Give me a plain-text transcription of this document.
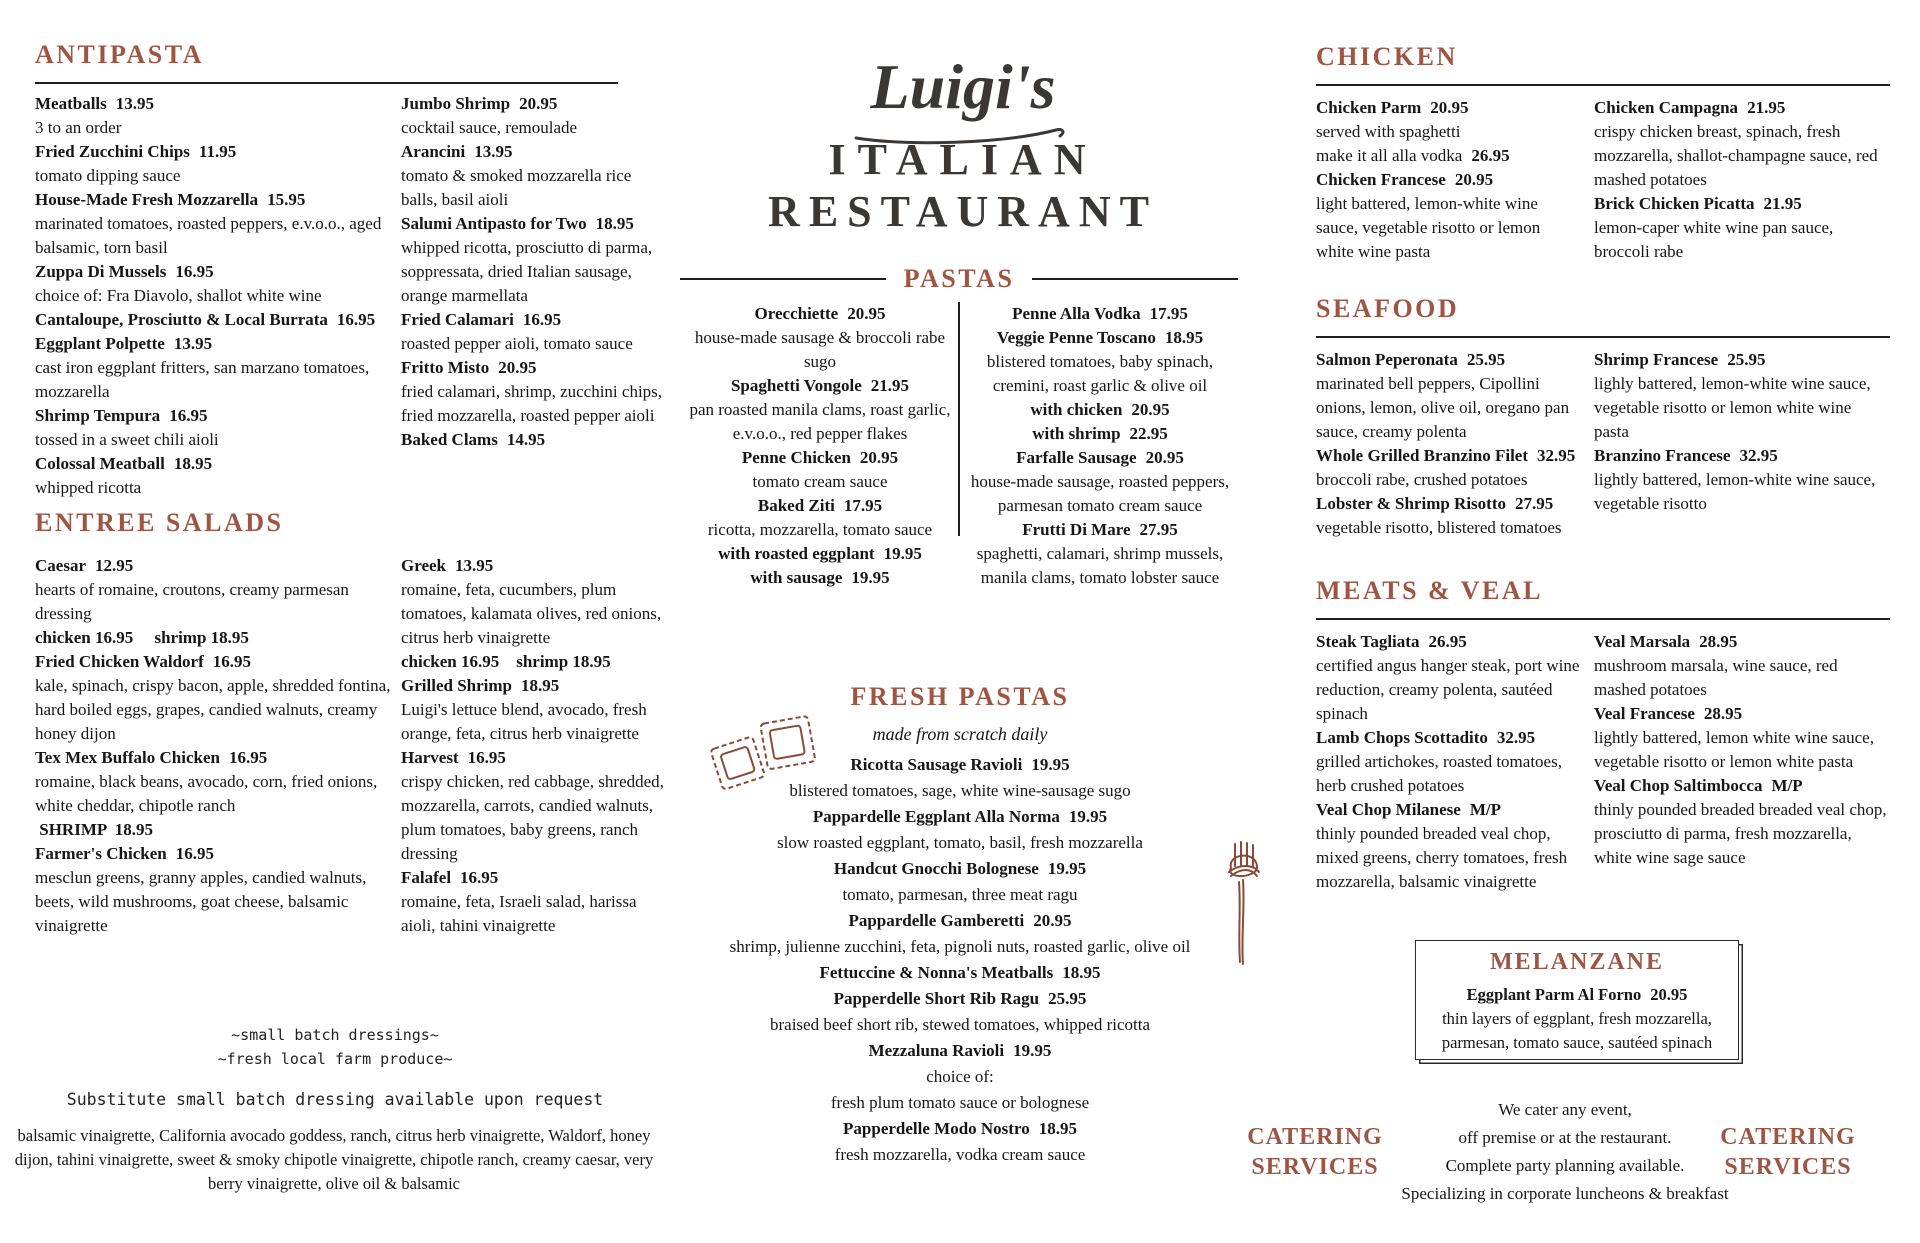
ANTIPASTA
Meatballs 13.95
3 to an order
Fried Zucchini Chips 11.95
tomato dipping sauce
House-Made Fresh Mozzarella 15.95
marinated tomatoes, roasted peppers, e.v.o.o., aged balsamic, torn basil
Zuppa Di Mussels 16.95
choice of: Fra Diavolo, shallot white wine
Cantaloupe, Prosciutto & Local Burrata 16.95
Eggplant Polpette 13.95
cast iron eggplant fritters, san marzano tomatoes, mozzarella
Shrimp Tempura 16.95
tossed in a sweet chili aioli
Colossal Meatball 18.95
whipped ricotta
Jumbo Shrimp 20.95
cocktail sauce, remoulade
Arancini 13.95
tomato & smoked mozzarella rice balls, basil aioli
Salumi Antipasto for Two 18.95
whipped ricotta, prosciutto di parma, soppressata, dried Italian sausage, orange marmellata
Fried Calamari 16.95
roasted pepper aioli, tomato sauce
Fritto Misto 20.95
fried calamari, shrimp, zucchini chips, fried mozzarella, roasted pepper aioli
Baked Clams 14.95
ENTREE SALADS
Caesar 12.95
hearts of romaine, croutons, creamy parmesan dressing
chicken 16.95     shrimp 18.95
Fried Chicken Waldorf 16.95
kale, spinach, crispy bacon, apple, shredded fontina, hard boiled eggs, grapes, candied walnuts, creamy honey dijon
Tex Mex Buffalo Chicken 16.95
romaine, black beans, avocado, corn, fried onions, white cheddar, chipotle ranch
SHRIMP  18.95
Farmer's Chicken 16.95
mesclun greens, granny apples, candied walnuts, beets, wild mushrooms, goat cheese, balsamic vinaigrette
Greek 13.95
romaine, feta, cucumbers, plum tomatoes, kalamata olives, red onions, citrus herb vinaigrette
chicken 16.95    shrimp 18.95
Grilled Shrimp 18.95
Luigi's lettuce blend, avocado, fresh orange, feta, citrus herb vinaigrette
Harvest 16.95
crispy chicken, red cabbage, shredded, mozzarella, carrots, candied walnuts, plum tomatoes, baby greens, ranch dressing
Falafel 16.95
romaine, feta, Israeli salad, harissa aioli, tahini vinaigrette
~small batch dressings~
~fresh local farm produce~
Substitute small batch dressing available upon request
balsamic vinaigrette, California avocado goddess, ranch, citrus herb vinaigrette, Waldorf, honey dijon, tahini vinaigrette, sweet & smoky chipotle vinaigrette, chipotle ranch, creamy caesar, very berry vinaigrette, olive oil & balsamic
Luigi's
ITALIAN
RESTAURANT
PASTAS
Orecchiette 20.95
house-made sausage & broccoli rabe sugo
Spaghetti Vongole 21.95
pan roasted manila clams, roast garlic, e.v.o.o., red pepper flakes
Penne Chicken 20.95
tomato cream sauce
Baked Ziti 17.95
ricotta, mozzarella, tomato sauce
with roasted eggplant 19.95
with sausage 19.95
Penne Alla Vodka 17.95
Veggie Penne Toscano 18.95
blistered tomatoes, baby spinach, cremini, roast garlic & olive oil
with chicken 20.95
with shrimp 22.95
Farfalle Sausage 20.95
house-made sausage, roasted peppers, parmesan tomato cream sauce
Frutti Di Mare 27.95
spaghetti, calamari, shrimp mussels, manila clams, tomato lobster sauce
FRESH PASTAS
made from scratch daily
Ricotta Sausage Ravioli 19.95
blistered tomatoes, sage, white wine-sausage sugo
Pappardelle Eggplant Alla Norma 19.95
slow roasted eggplant, tomato, basil, fresh mozzarella
Handcut Gnocchi Bolognese 19.95
tomato, parmesan, three meat ragu
Pappardelle Gamberetti 20.95
shrimp, julienne zucchini, feta, pignoli nuts, roasted garlic, olive oil
Fettuccine & Nonna's Meatballs 18.95
Papperdelle Short Rib Ragu 25.95
braised beef short rib, stewed tomatoes, whipped ricotta
Mezzaluna Ravioli 19.95
choice of:
fresh plum tomato sauce or bolognese
Papperdelle Modo Nostro 18.95
fresh mozzarella, vodka cream sauce
CHICKEN
Chicken Parm 20.95
served with spaghetti
make it all alla vodka 26.95
Chicken Francese 20.95
light battered, lemon-white wine sauce, vegetable risotto or lemon white wine pasta
Chicken Campagna 21.95
crispy chicken breast, spinach, fresh mozzarella, shallot-champagne sauce, red mashed potatoes
Brick Chicken Picatta 21.95
lemon-caper white wine pan sauce, broccoli rabe
SEAFOOD
Salmon Peperonata 25.95
marinated bell peppers, Cipollini onions, lemon, olive oil, oregano pan sauce, creamy polenta
Whole Grilled Branzino Filet 32.95
broccoli rabe, crushed potatoes
Lobster & Shrimp Risotto 27.95
vegetable risotto, blistered tomatoes
Shrimp Francese 25.95
lighly battered, lemon-white wine sauce, vegetable risotto or lemon white wine pasta
Branzino Francese 32.95
lightly battered, lemon-white wine sauce, vegetable risotto
MEATS & VEAL
Steak Tagliata 26.95
certified angus hanger steak, port wine reduction, creamy polenta, sautéed spinach
Lamb Chops Scottadito 32.95
grilled artichokes, roasted tomatoes, herb crushed potatoes
Veal Chop Milanese M/P
thinly pounded breaded veal chop, mixed greens, cherry tomatoes, fresh mozzarella, balsamic vinaigrette
Veal Marsala 28.95
mushroom marsala, wine sauce, red mashed potatoes
Veal Francese 28.95
lightly battered, lemon white wine sauce, vegetable risotto or lemon white pasta
Veal Chop Saltimbocca M/P
thinly pounded breaded breaded veal chop, prosciutto di parma, fresh mozzarella, white wine sage sauce
MELANZANE
Eggplant Parm Al Forno 20.95
thin layers of eggplant, fresh mozzarella, parmesan, tomato sauce, sautéed spinach
CATERING
SERVICES
We cater any event,
off premise or at the restaurant.
Complete party planning available.
Specializing in corporate luncheons & breakfast
CATERING
SERVICES
